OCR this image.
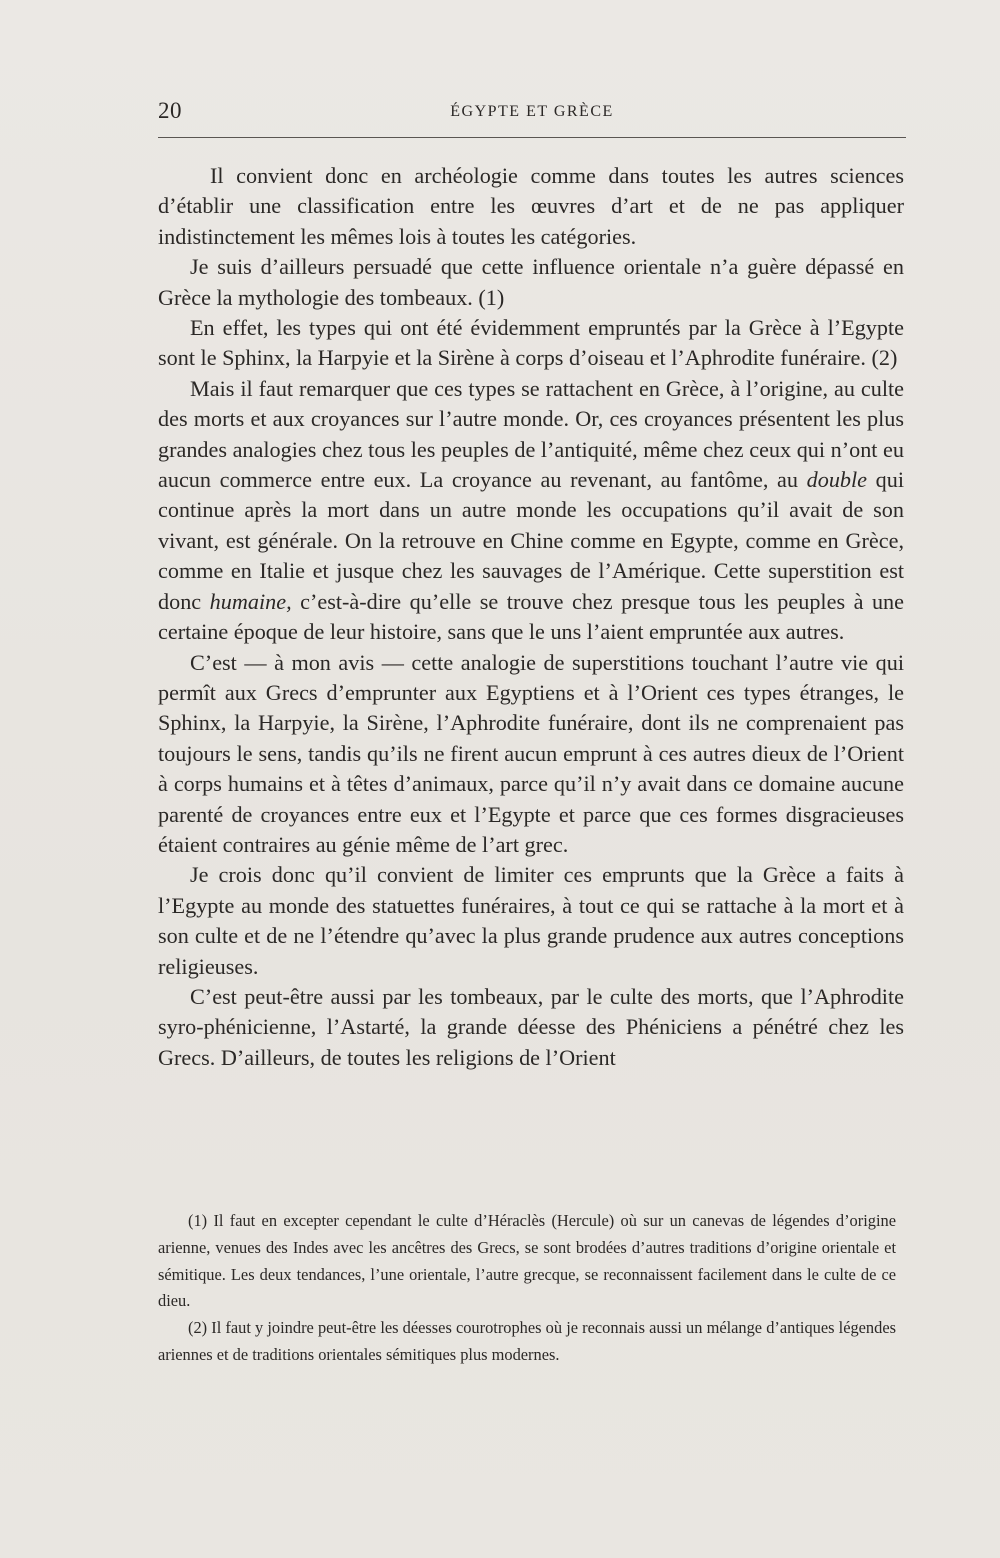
20	ÉGYPTE ET GRÈCE

Il convient donc en archéologie comme dans toutes les autres sciences d’établir une classification entre les œuvres d’art et de ne pas appliquer indistinctement les mêmes lois à toutes les catégories.

Je suis d’ailleurs persuadé que cette influence orientale n’a guère dépassé en Grèce la mythologie des tombeaux. (1)

En effet, les types qui ont été évidemment empruntés par la Grèce à l’Egypte sont le Sphinx, la Harpyie et la Sirène à corps d’oiseau et l’Aphrodite funéraire. (2)

Mais il faut remarquer que ces types se rattachent en Grèce, à l’origine, au culte des morts et aux croyances sur l’autre monde. Or, ces croyances présentent les plus grandes analogies chez tous les peuples de l’antiquité, même chez ceux qui n’ont eu aucun commerce entre eux. La croyance au revenant, au fantôme, au double qui continue après la mort dans un autre monde les occupations qu’il avait de son vivant, est générale. On la retrouve en Chine comme en Egypte, comme en Grèce, comme en Italie et jusque chez les sauvages de l’Amérique. Cette superstition est donc humaine, c’est-à-dire qu’elle se trouve chez presque tous les peuples à une certaine époque de leur histoire, sans que le uns l’aient empruntée aux autres.

C’est — à mon avis — cette analogie de superstitions touchant l’autre vie qui permît aux Grecs d’emprunter aux Egyptiens et à l’Orient ces types étranges, le Sphinx, la Harpyie, la Sirène, l’Aphrodite funéraire, dont ils ne comprenaient pas toujours le sens, tandis qu’ils ne firent aucun emprunt à ces autres dieux de l’Orient à corps humains et à têtes d’animaux, parce qu’il n’y avait dans ce domaine aucune parenté de croyances entre eux et l’Egypte et parce que ces formes disgracieuses étaient contraires au génie même de l’art grec.

Je crois donc qu’il convient de limiter ces emprunts que la Grèce a faits à l’Egypte au monde des statuettes funéraires, à tout ce qui se rattache à la mort et à son culte et de ne l’étendre qu’avec la plus grande prudence aux autres conceptions religieuses.

C’est peut-être aussi par les tombeaux, par le culte des morts, que l’Aphrodite syro-phénicienne, l’Astarté, la grande déesse des Phéniciens a pénétré chez les Grecs. D’ailleurs, de toutes les religions de l’Orient

(1) Il faut en excepter cependant le culte d’Héraclès (Hercule) où sur un canevas de légendes d’origine arienne, venues des Indes avec les ancêtres des Grecs, se sont brodées d’autres traditions d’origine orientale et sémitique. Les deux tendances, l’une orientale, l’autre grecque, se reconnaissent facilement dans le culte de ce dieu.

(2) Il faut y joindre peut-être les déesses courotrophes où je reconnais aussi un mélange d’antiques légendes ariennes et de traditions orientales sémitiques plus modernes.
